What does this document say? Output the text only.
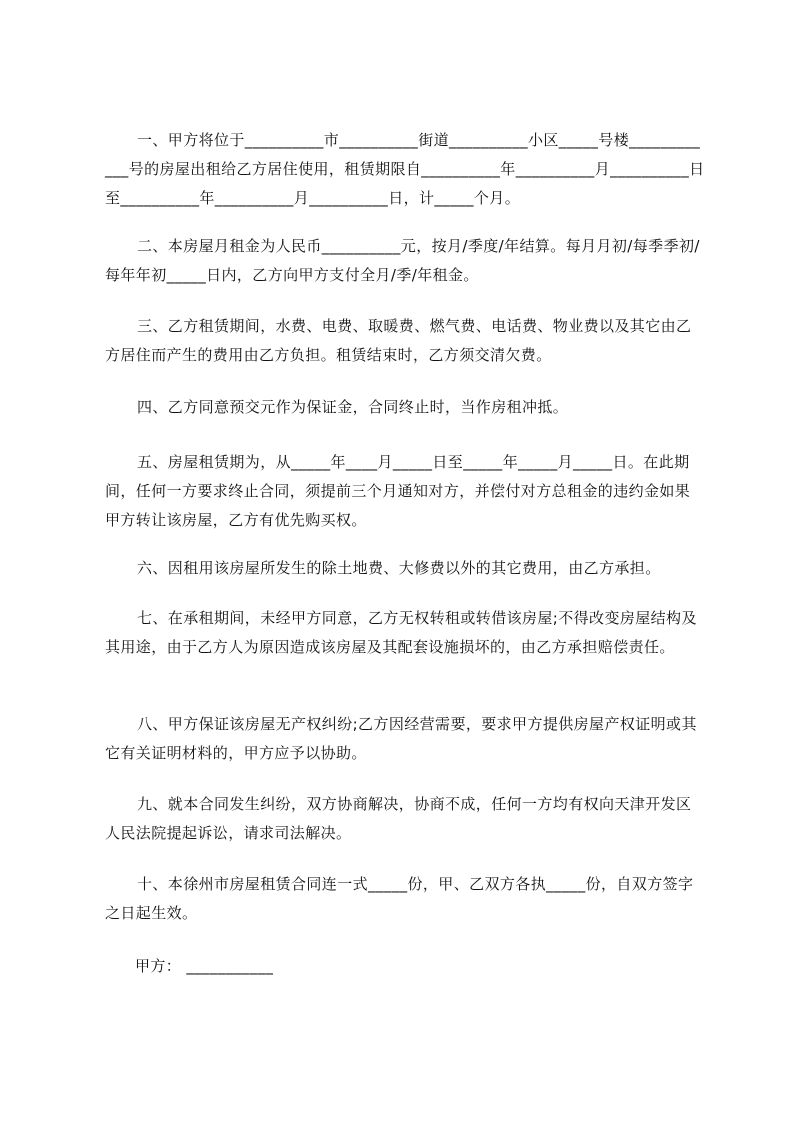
一、甲方将位于__________市__________街道__________小区_____号楼____________号的房屋出租给乙方居住使用，租赁期限自__________年__________月__________日至__________年__________月__________日，计_____个月。

二、本房屋月租金为人民币__________元，按月/季度/年结算。每月月初/每季季初/每年年初_____日内，乙方向甲方支付全月/季/年租金。

三、乙方租赁期间，水费、电费、取暖费、燃气费、电话费、物业费以及其它由乙方居住而产生的费用由乙方负担。租赁结束时，乙方须交清欠费。

四、乙方同意预交元作为保证金，合同终止时，当作房租冲抵。

五、房屋租赁期为，从_____年____月_____日至_____年_____月_____日。在此期间，任何一方要求终止合同，须提前三个月通知对方，并偿付对方总租金的违约金如果甲方转让该房屋，乙方有优先购买权。

六、因租用该房屋所发生的除土地费、大修费以外的其它费用，由乙方承担。

七、在承租期间，未经甲方同意，乙方无权转租或转借该房屋;不得改变房屋结构及其用途，由于乙方人为原因造成该房屋及其配套设施损坏的，由乙方承担赔偿责任。

八、甲方保证该房屋无产权纠纷;乙方因经营需要，要求甲方提供房屋产权证明或其它有关证明材料的，甲方应予以协助。

九、就本合同发生纠纷，双方协商解决，协商不成，任何一方均有权向天津开发区人民法院提起诉讼，请求司法解决。

十、本徐州市房屋租赁合同连一式_____份，甲、乙双方各执_____份，自双方签字之日起生效。

甲方： ___________
